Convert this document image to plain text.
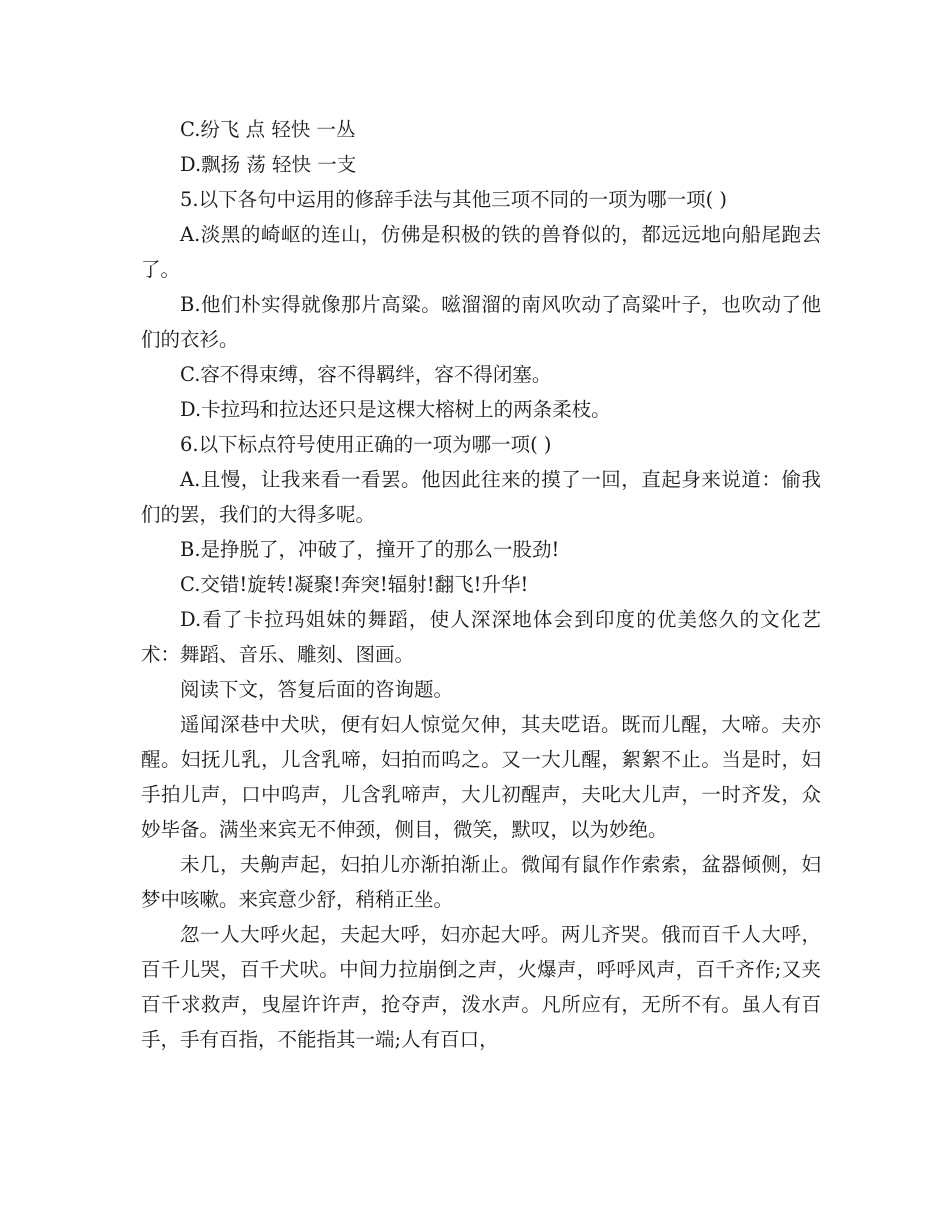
C.纷飞 点 轻快 一丛

D.飘扬 荡 轻快 一支

5.以下各句中运用的修辞手法与其他三项不同的一项为哪一项( )

A.淡黑的崎岖的连山，仿佛是积极的铁的兽脊似的，都远远地向船尾跑去了。

B.他们朴实得就像那片高粱。嗞溜溜的南风吹动了高粱叶子，也吹动了他们的衣衫。

C.容不得束缚，容不得羁绊，容不得闭塞。

D.卡拉玛和拉达还只是这棵大榕树上的两条柔枝。

6.以下标点符号使用正确的一项为哪一项( )

A.且慢，让我来看一看罢。他因此往来的摸了一回，直起身来说道：偷我们的罢，我们的大得多呢。

B.是挣脱了，冲破了，撞开了的那么一股劲!

C.交错!旋转!凝聚!奔突!辐射!翻飞!升华!

D.看了卡拉玛姐妹的舞蹈，使人深深地体会到印度的优美悠久的文化艺术：舞蹈、音乐、雕刻、图画。

阅读下文，答复后面的咨询题。

遥闻深巷中犬吠，便有妇人惊觉欠伸，其夫呓语。既而儿醒，大啼。夫亦醒。妇抚儿乳，儿含乳啼，妇拍而呜之。又一大儿醒，絮絮不止。当是时，妇手拍儿声，口中呜声，儿含乳啼声，大儿初醒声，夫叱大儿声，一时齐发，众妙毕备。满坐来宾无不伸颈，侧目，微笑，默叹，以为妙绝。

未几，夫齁声起，妇拍儿亦渐拍渐止。微闻有鼠作作索索，盆器倾侧，妇梦中咳嗽。来宾意少舒，稍稍正坐。

忽一人大呼火起，夫起大呼，妇亦起大呼。两儿齐哭。俄而百千人大呼，百千儿哭，百千犬吠。中间力拉崩倒之声，火爆声，呼呼风声，百千齐作;又夹百千求救声，曳屋许许声，抢夺声，泼水声。凡所应有，无所不有。虽人有百手，手有百指，不能指其一端;人有百口，
